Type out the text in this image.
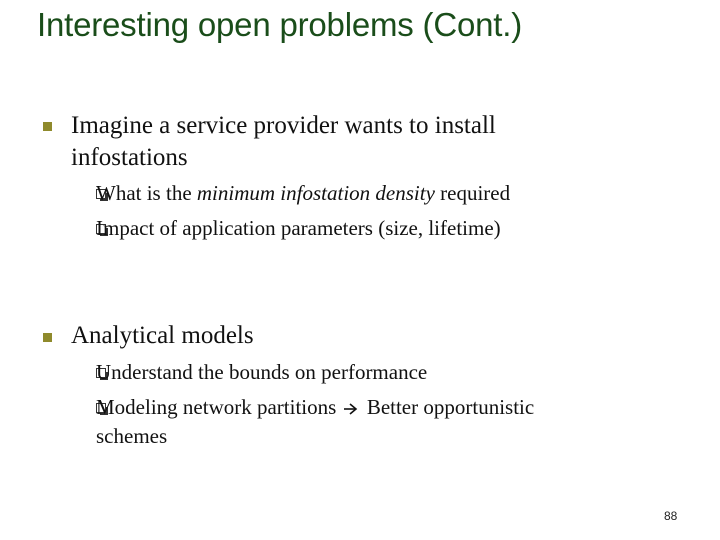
Interesting open problems (Cont.)
Imagine a service provider wants to install
infostations
What is the minimum infostation density required
Impact of application parameters (size, lifetime)
Analytical models
Understand the bounds on performance
Modeling network partitions  Better opportunistic
schemes
88
